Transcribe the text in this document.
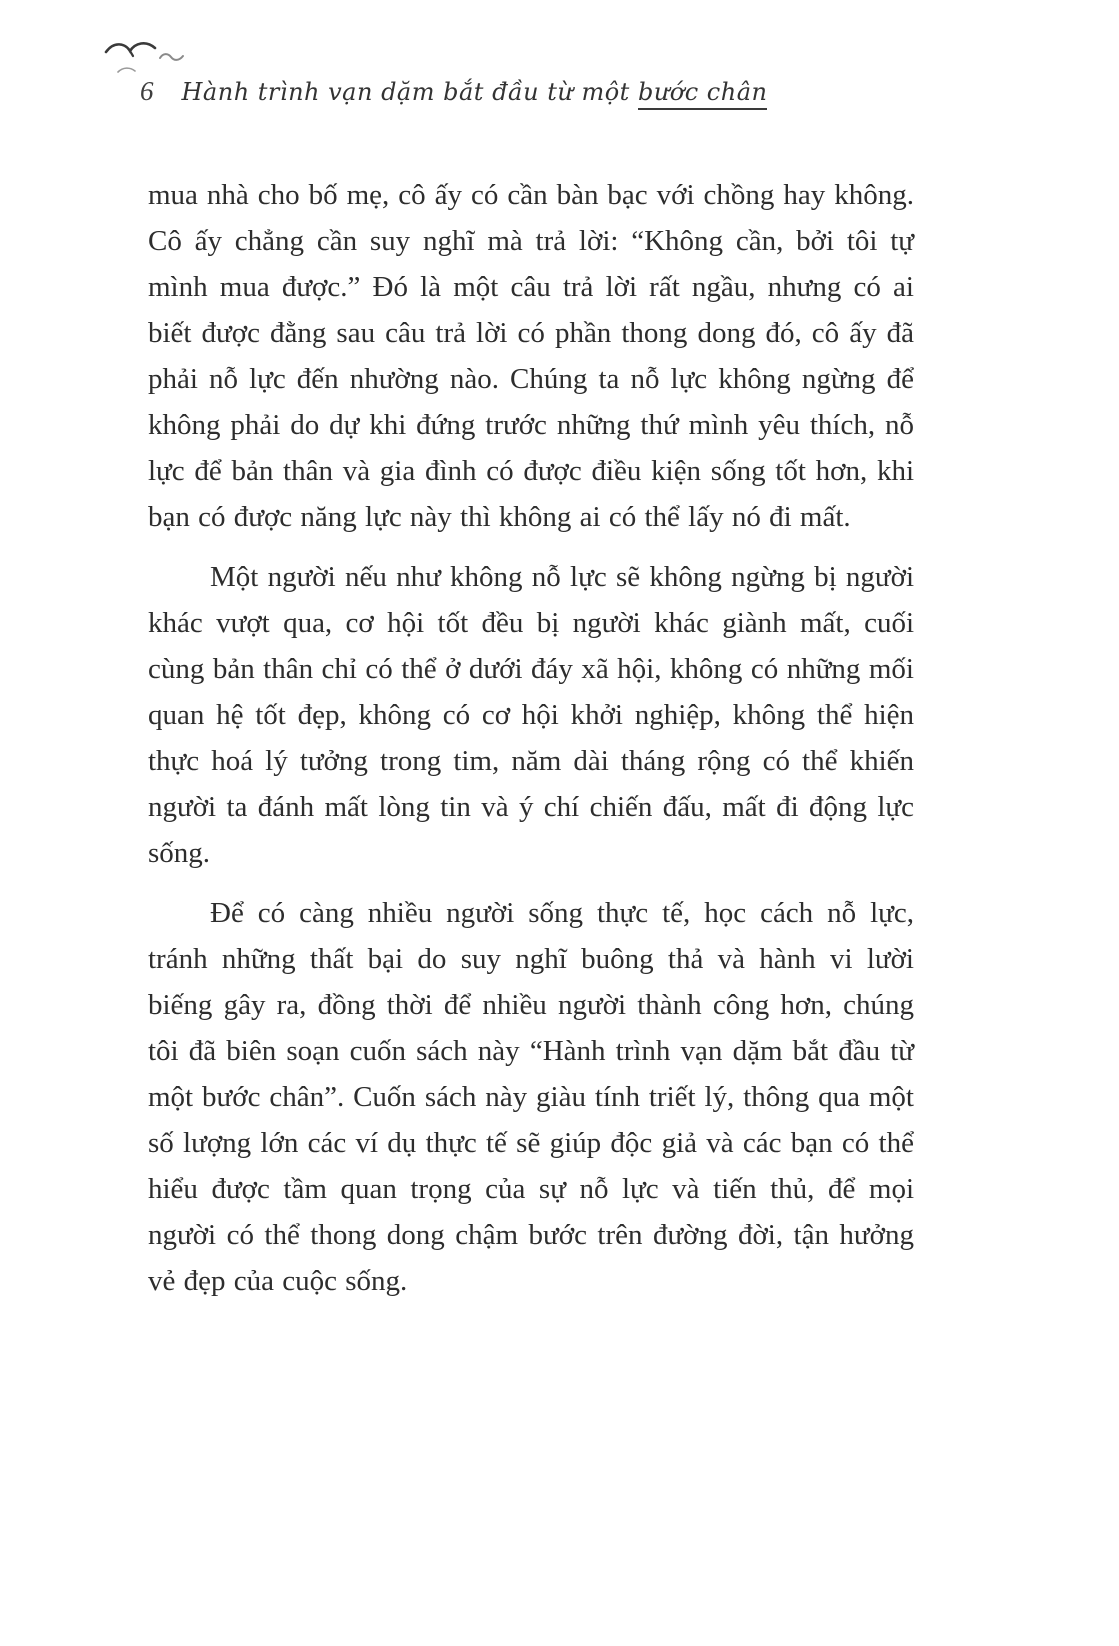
6 Hành trình vạn dặm bắt đầu từ một bước chân

mua nhà cho bố mẹ, cô ấy có cần bàn bạc với chồng hay không. Cô ấy chẳng cần suy nghĩ mà trả lời: “Không cần, bởi tôi tự mình mua được.” Đó là một câu trả lời rất ngầu, nhưng có ai biết được đằng sau câu trả lời có phần thong dong đó, cô ấy đã phải nỗ lực đến nhường nào. Chúng ta nỗ lực không ngừng để không phải do dự khi đứng trước những thứ mình yêu thích, nỗ lực để bản thân và gia đình có được điều kiện sống tốt hơn, khi bạn có được năng lực này thì không ai có thể lấy nó đi mất.

Một người nếu như không nỗ lực sẽ không ngừng bị người khác vượt qua, cơ hội tốt đều bị người khác giành mất, cuối cùng bản thân chỉ có thể ở dưới đáy xã hội, không có những mối quan hệ tốt đẹp, không có cơ hội khởi nghiệp, không thể hiện thực hoá lý tưởng trong tim, năm dài tháng rộng có thể khiến người ta đánh mất lòng tin và ý chí chiến đấu, mất đi động lực sống.

Để có càng nhiều người sống thực tế, học cách nỗ lực, tránh những thất bại do suy nghĩ buông thả và hành vi lười biếng gây ra, đồng thời để nhiều người thành công hơn, chúng tôi đã biên soạn cuốn sách này “Hành trình vạn dặm bắt đầu từ một bước chân”. Cuốn sách này giàu tính triết lý, thông qua một số lượng lớn các ví dụ thực tế sẽ giúp độc giả và các bạn có thể hiểu được tầm quan trọng của sự nỗ lực và tiến thủ, để mọi người có thể thong dong chậm bước trên đường đời, tận hưởng vẻ đẹp của cuộc sống.
